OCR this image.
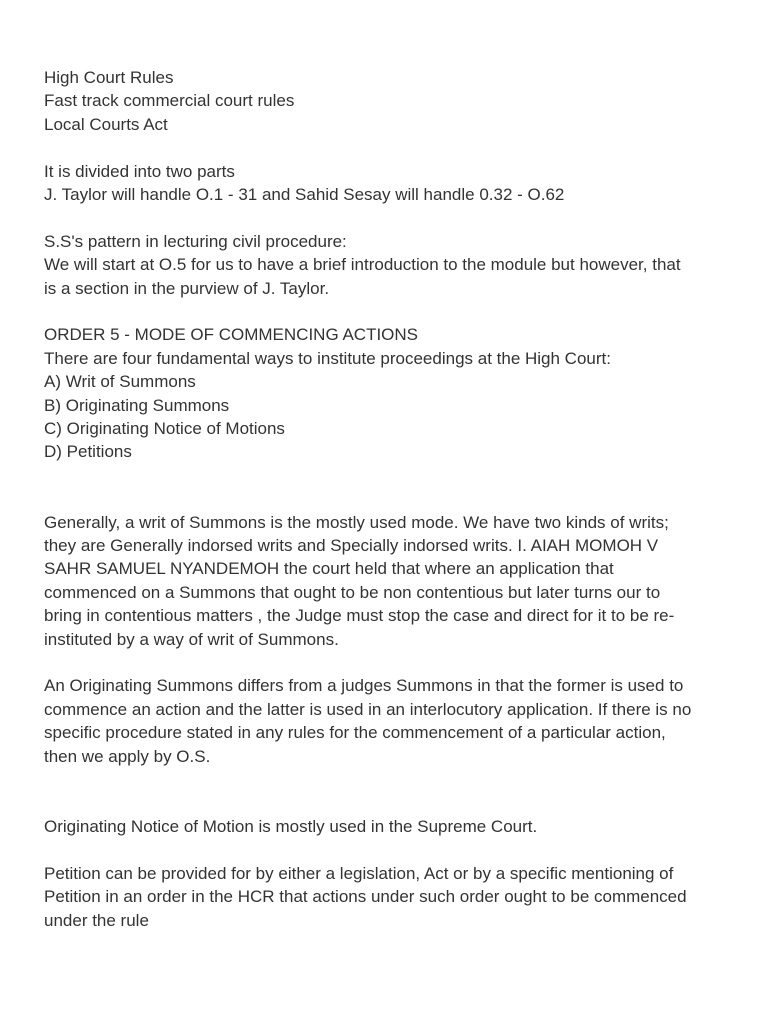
High Court Rules
Fast track commercial court rules
Local Courts Act
It is divided into two parts
J. Taylor will handle O.1 - 31 and Sahid Sesay will handle 0.32 - O.62
S.S's pattern in lecturing civil procedure:
We will start at O.5 for us to have a brief introduction to the module but however, that
is a section in the purview of J. Taylor.
ORDER 5 - MODE OF COMMENCING ACTIONS
There are four fundamental ways to institute proceedings at the High Court:
A) Writ of Summons
B) Originating Summons
C) Originating Notice of Motions
D) Petitions
Generally, a writ of Summons is the mostly used mode. We have two kinds of writs;
they are Generally indorsed writs and Specially indorsed writs. I. AIAH MOMOH V
SAHR SAMUEL NYANDEMOH the court held that where an application that
commenced on a Summons that ought to be non contentious but later turns our to
bring in contentious matters , the Judge must stop the case and direct for it to be re-
instituted by a way of writ of Summons.
An Originating Summons differs from a judges Summons in that the former is used to
commence an action and the latter is used in an interlocutory application. If there is no
specific procedure stated in any rules for the commencement of a particular action,
then we apply by O.S.
Originating Notice of Motion is mostly used in the Supreme Court.
Petition can be provided for by either a legislation, Act or by a specific mentioning of
Petition in an order in the HCR that actions under such order ought to be commenced
under the rule
